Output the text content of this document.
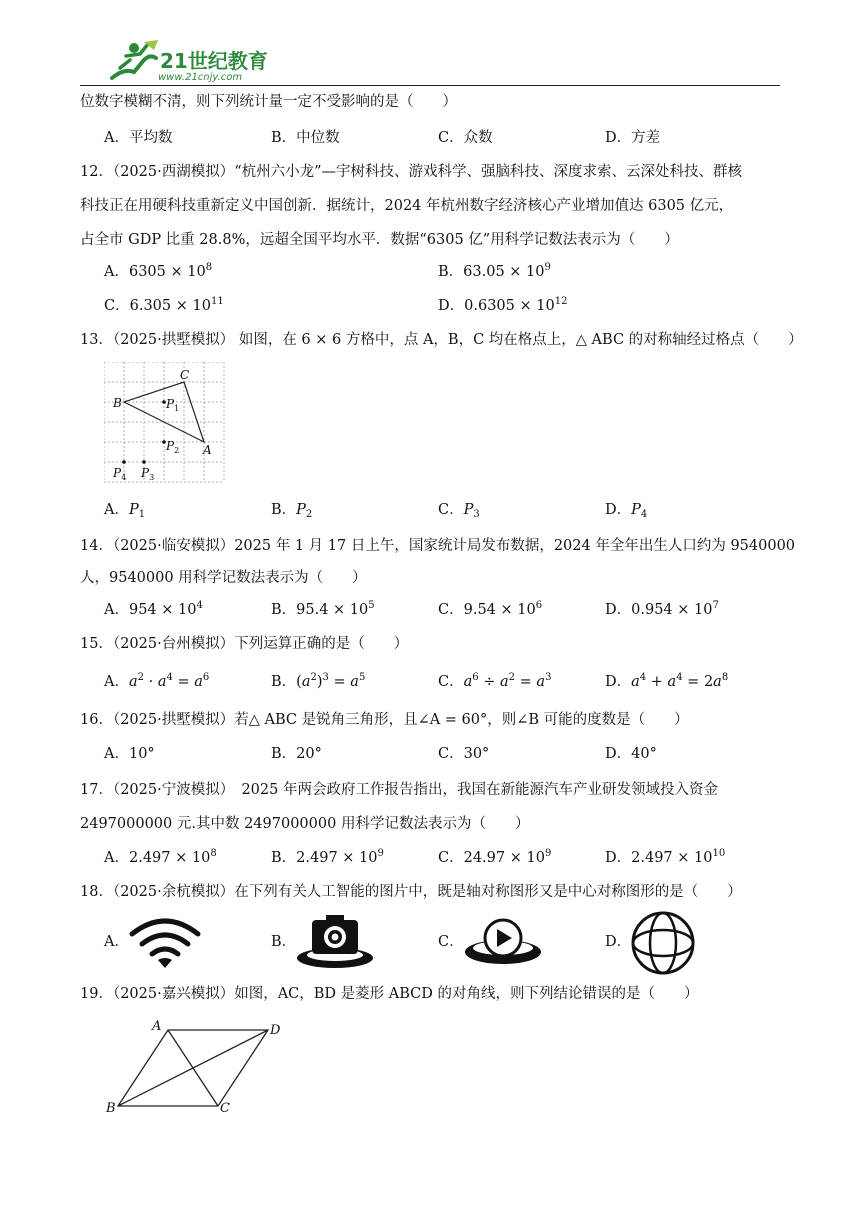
21世纪教育
www.21cnjy.com
位数字模糊不清，则下列统计量一定不受影响的是（　　）
A．平均数	B．中位数	C．众数	D．方差
12．（2025·西湖模拟）“杭州六小龙”—宇树科技、游戏科学、强脑科技、深度求索、云深处科技、群核
科技正在用硬科技重新定义中国创新．据统计，2024 年杭州数字经济核心产业增加值达 6305 亿元，
占全市 GDP 比重 28.8%，远超全国平均水平．数据“6305 亿”用科学记数法表示为（　　）
A．$6305 \times 10^8$	B．$63.05 \times 10^9$
C．$6.305 \times 10^{11}$	D．$0.6305 \times 10^{12}$
13．（2025·拱墅模拟） 如图，在 6 × 6 方格中，点 A，B，C 均在格点上，△ ABC 的对称轴经过格点（　　）
C
B
A
$P_1$
$P_2$
$P_3$
$P_4$
A．$P_1$	B．$P_2$	C．$P_3$	D．$P_4$
14．（2025·临安模拟）2025 年 1 月 17 日上午，国家统计局发布数据，2024 年全年出生人口约为 9540000
人，9540000 用科学记数法表示为（　　）
A．$954 \times 10^4$	B．$95.4 \times 10^5$	C．$9.54 \times 10^6$	D．$0.954 \times 10^7$
15．（2025·台州模拟）下列运算正确的是（　　）
A．$a^2 \cdot a^4 = a^6$	B．$(a^2)^3 = a^5$	C．$a^6 \div a^2 = a^3$	D．$a^4 + a^4 = 2a^8$
16．（2025·拱墅模拟）若△ ABC 是锐角三角形，且∠A = 60°，则∠B 可能的度数是（　　）
A．10°	B．20°	C．30°	D．40°
17．（2025·宁波模拟）　2025 年两会政府工作报告指出，我国在新能源汽车产业研发领域投入资金
2497000000 元.其中数 2497000000 用科学记数法表示为（　　）
A．$2.497 \times 10^8$	B．$2.497 \times 10^9$	C．$24.97 \times 10^9$	D．$2.497 \times 10^{10}$
18．（2025·余杭模拟）在下列有关人工智能的图片中，既是轴对称图形又是中心对称图形的是（　　）
A．	B．	C．	D．
19．（2025·嘉兴模拟）如图，AC，BD 是菱形 ABCD 的对角线，则下列结论错误的是（　　）
A	D
B	C
